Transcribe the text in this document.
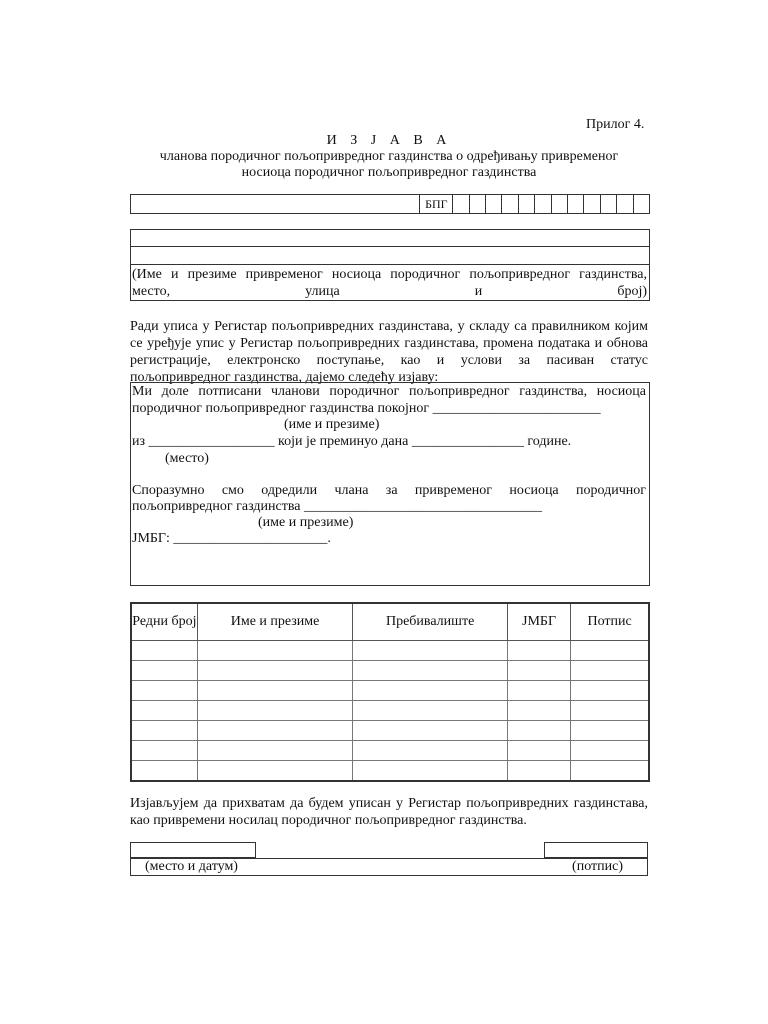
Прилог 4.
И З Ј А В А
чланова породичног пољопривредног газдинства о одређивању привременог
носиоца породичног пољопривредног газдинства
БПГ
(Име и презиме привременог носиоца породичног пољопривредног газдинства, место, улица и број)
Ради уписа у Регистар пољопривредних газдинстава, у складу са правилником којим се уређује упис у Регистар пољопривредних газдинстава, промена података и обнова регистрације, електронско поступање, као и услови за пасиван статус пољопривредног газдинства, дајемо следећу изјаву:
Ми доле потписани чланови породичног пољопривредног газдинства, носиоца
породичног пољопривредног газдинства покојног ________________________
(име и презиме)
из __________________ који је преминуо дана ________________ године.
(место)
Споразумно смо одредили члана за привременог носиоца породичног
пољопривредног газдинства __________________________________
(име и презиме)
ЈМБГ: ______________________.
Редни број	Име и презиме	Пребивалиште	ЈМБГ	Потпис

Изјављујем да прихватам да будем уписан у Регистар пољопривредних газдинстава, као привремени носилац породичног пољопривредног газдинства.
(место и датум)	(потпис)
